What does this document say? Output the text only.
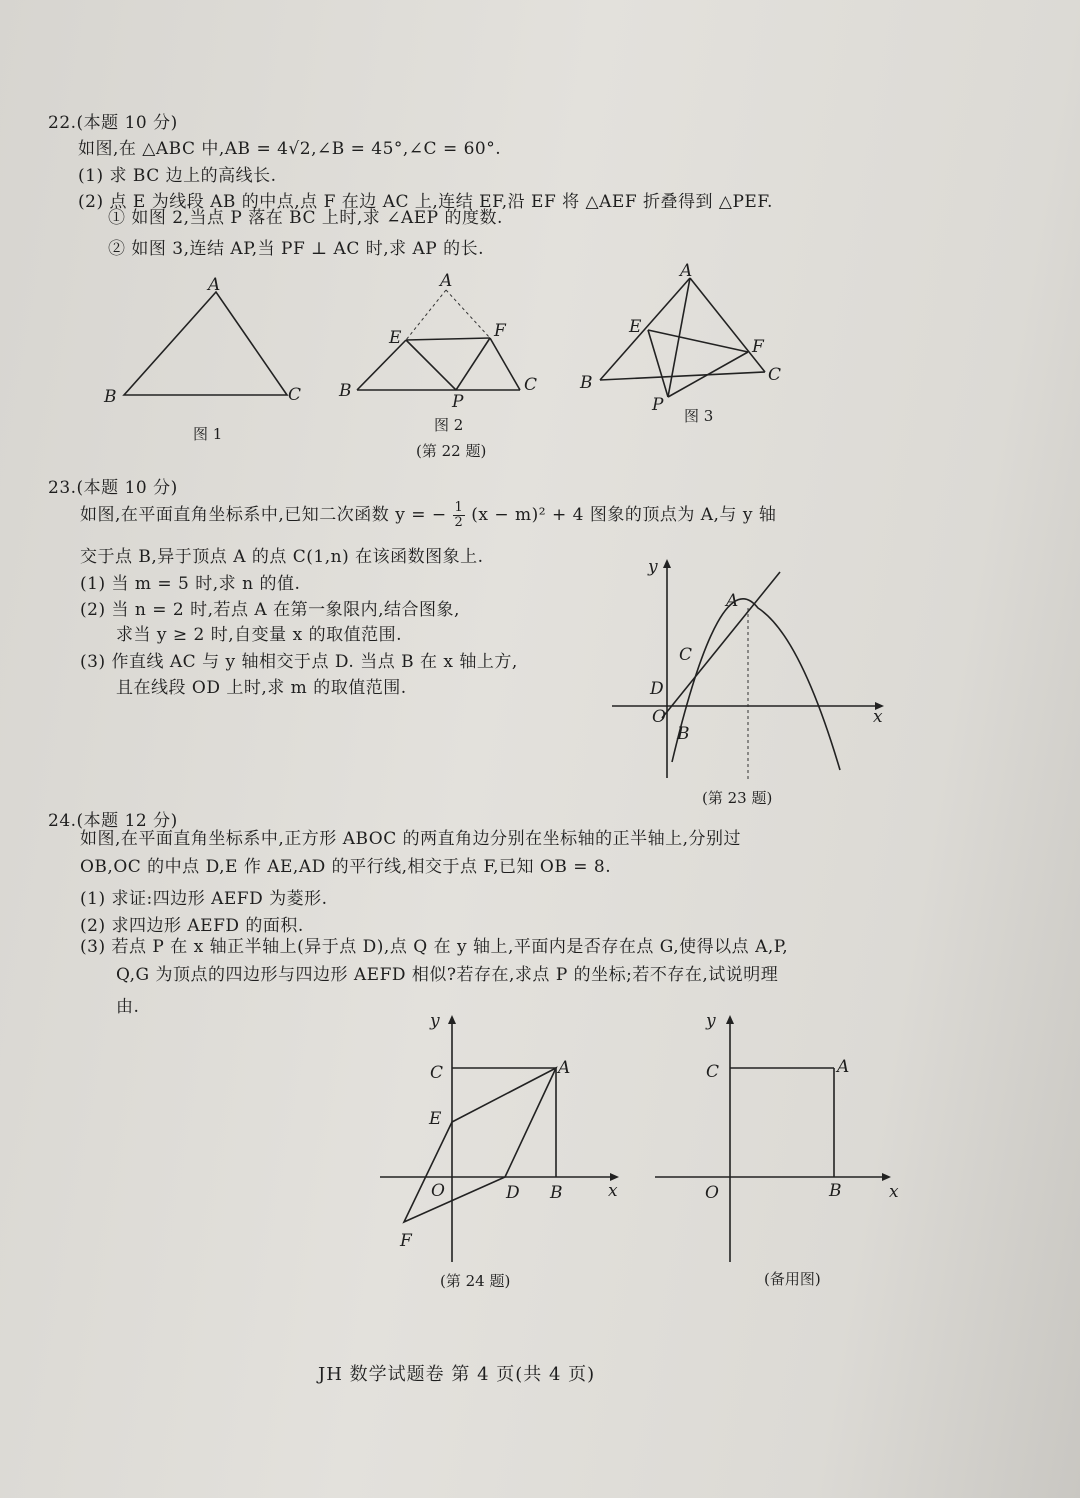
22.(本题 10 分)
如图,在 △ABC 中,AB = 4√2,∠B = 45°,∠C = 60°.
(1) 求 BC 边上的高线长.
(2) 点 E 为线段 AB 的中点,点 F 在边 AC 上,连结 EF,沿 EF 将 △AEF 折叠得到 △PEF.
① 如图 2,当点 P 落在 BC 上时,求 ∠AEP 的度数.
② 如图 3,连结 AP,当 PF ⊥ AC 时,求 AP 的长.
A
B	C
图 1
A
E	F
B	C
P
图 2
(第 22 题)
A
E
F
B	C
P
图 3
23.(本题 10 分)
如图,在平面直角坐标系中,已知二次函数 y = − $\frac{1}{2} (x - m)^2 + 4$ 图象的顶点为 A,与 y 轴
交于点 B,异于顶点 A 的点 C(1,n) 在该函数图象上.
(1) 当 m = 5 时,求 n 的值.
(2) 当 n = 2 时,若点 A 在第一象限内,结合图象,
求当 y ≥ 2 时,自变量 x 的取值范围.
(3) 作直线 AC 与 y 轴相交于点 D. 当点 B 在 x 轴上方,
且在线段 OD 上时,求 m 的取值范围.
y
x
A
C
D
O
B
(第 23 题)
24.(本题 12 分)
如图,在平面直角坐标系中,正方形 ABOC 的两直角边分别在坐标轴的正半轴上,分别过
OB,OC 的中点 D,E 作 AE,AD 的平行线,相交于点 F,已知 OB = 8.
(1) 求证:四边形 AEFD 为菱形.
(2) 求四边形 AEFD 的面积.
(3) 若点 P 在 x 轴正半轴上(异于点 D),点 Q 在 y 轴上,平面内是否存在点 G,使得以点 A,P,
Q,G 为顶点的四边形与四边形 AEFD 相似?若存在,求点 P 的坐标;若不存在,试说明理
由.
y
x
C	A
E
O	D B
F
(第 24 题)
y
x
C	A
O	B
(备用图)
JH 数学试题卷 第 4 页(共 4 页)
